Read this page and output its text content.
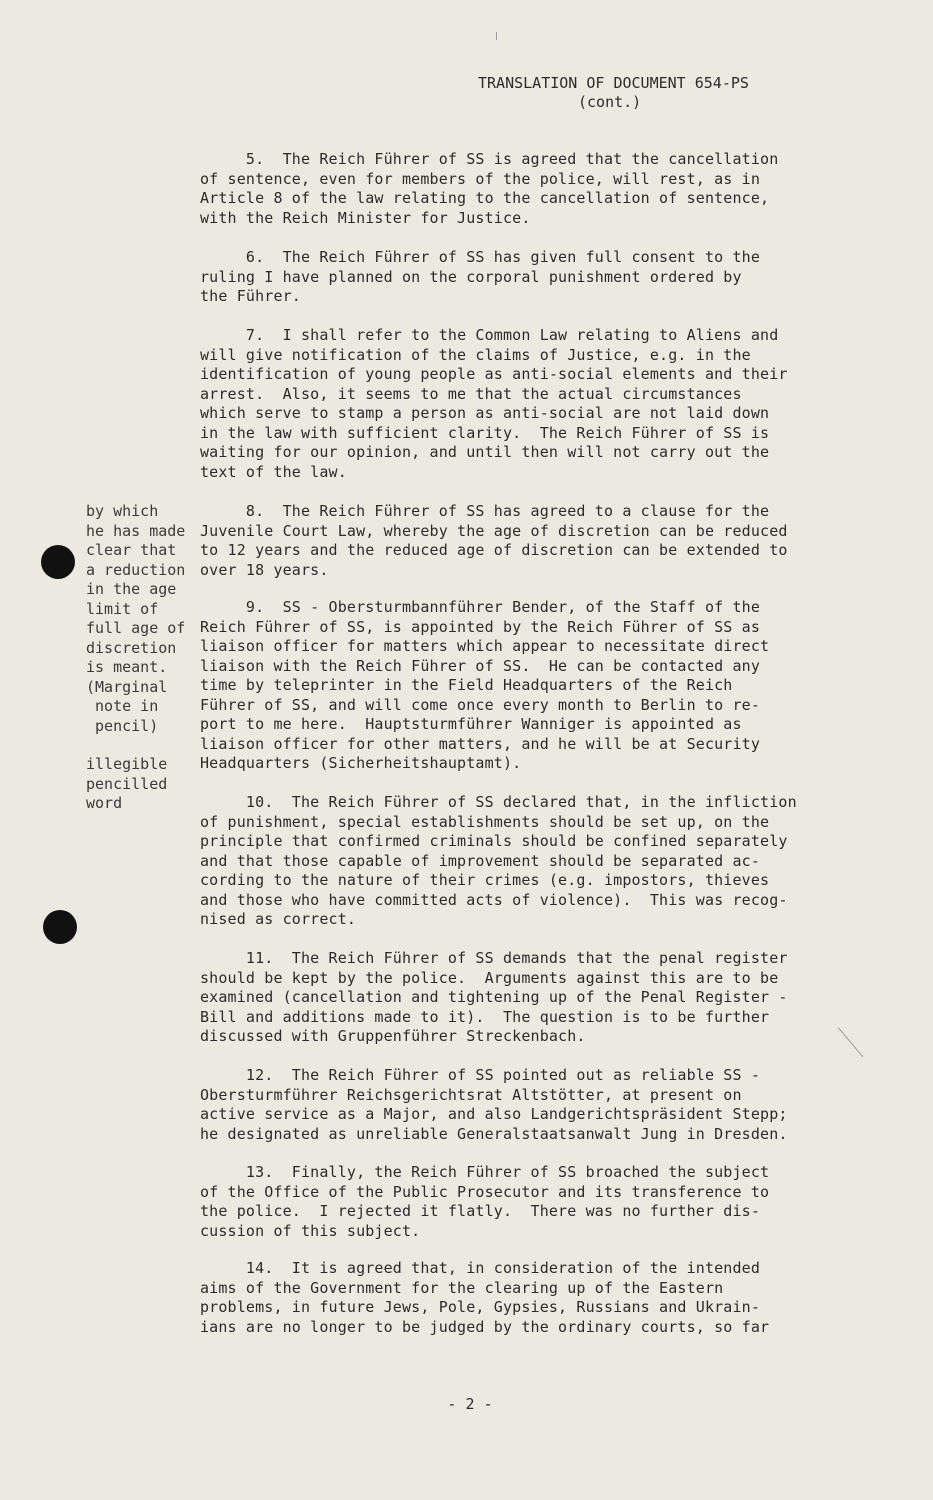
TRANSLATION OF DOCUMENT 654-PS
(cont.)
5.  The Reich Führer of SS is agreed that the cancellation
of sentence, even for members of the police, will rest, as in
Article 8 of the law relating to the cancellation of sentence,
with the Reich Minister for Justice.
6.  The Reich Führer of SS has given full consent to the
ruling I have planned on the corporal punishment ordered by
the Führer.
7.  I shall refer to the Common Law relating to Aliens and
will give notification of the claims of Justice, e.g. in the
identification of young people as anti-social elements and their
arrest.  Also, it seems to me that the actual circumstances
which serve to stamp a person as anti-social are not laid down
in the law with sufficient clarity.  The Reich Führer of SS is
waiting for our opinion, and until then will not carry out the
text of the law.
8.  The Reich Führer of SS has agreed to a clause for the
Juvenile Court Law, whereby the age of discretion can be reduced
to 12 years and the reduced age of discretion can be extended to
over 18 years.
9.  SS - Obersturmbannführer Bender, of the Staff of the
Reich Führer of SS, is appointed by the Reich Führer of SS as
liaison officer for matters which appear to necessitate direct
liaison with the Reich Führer of SS.  He can be contacted any
time by teleprinter in the Field Headquarters of the Reich
Führer of SS, and will come once every month to Berlin to re-
port to me here.  Hauptsturmführer Wanniger is appointed as
liaison officer for other matters, and he will be at Security
Headquarters (Sicherheitshauptamt).
10.  The Reich Führer of SS declared that, in the infliction
of punishment, special establishments should be set up, on the
principle that confirmed criminals should be confined separately
and that those capable of improvement should be separated ac-
cording to the nature of their crimes (e.g. impostors, thieves
and those who have committed acts of violence).  This was recog-
nised as correct.
11.  The Reich Führer of SS demands that the penal register
should be kept by the police.  Arguments against this are to be
examined (cancellation and tightening up of the Penal Register -
Bill and additions made to it).  The question is to be further
discussed with Gruppenführer Streckenbach.
12.  The Reich Führer of SS pointed out as reliable SS -
Obersturmführer Reichsgerichtsrat Altstötter, at present on
active service as a Major, and also Landgerichtspräsident Stepp;
he designated as unreliable Generalstaatsanwalt Jung in Dresden.
13.  Finally, the Reich Führer of SS broached the subject
of the Office of the Public Prosecutor and its transference to
the police.  I rejected it flatly.  There was no further dis-
cussion of this subject.
14.  It is agreed that, in consideration of the intended
aims of the Government for the clearing up of the Eastern
problems, in future Jews, Pole, Gypsies, Russians and Ukrain-
ians are no longer to be judged by the ordinary courts, so far
by which
he has made
clear that
a reduction
in the age
limit of
full age of
discretion
is meant.
(Marginal
note in
pencil)
illegible
pencilled
word
- 2 -
